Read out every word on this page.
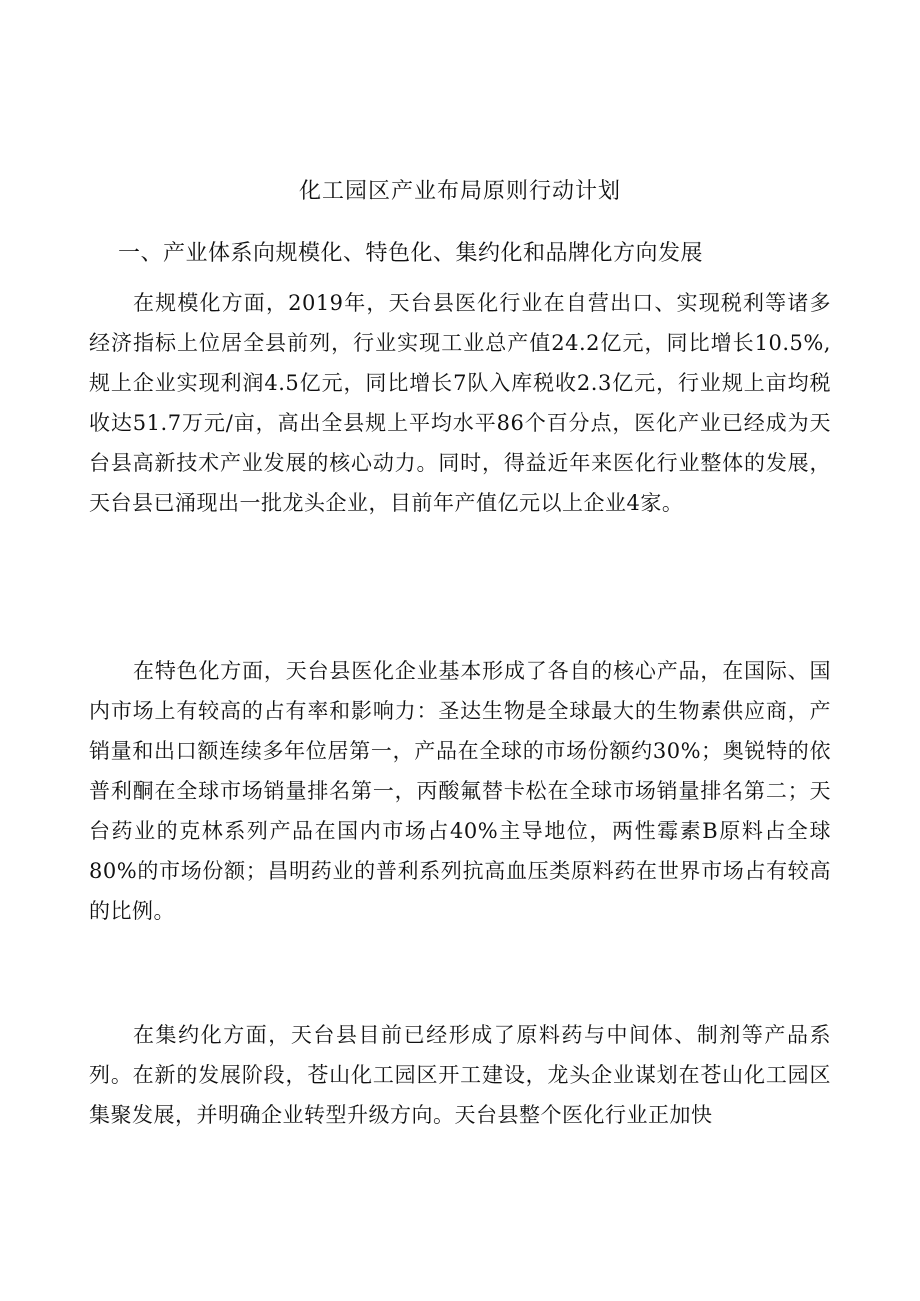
化工园区产业布局原则行动计划
一、产业体系向规模化、特色化、集约化和品牌化方向发展

在规模化方面，2019年，天台县医化行业在自营出口、实现税利等诸多经济指标上位居全县前列，行业实现工业总产值24.2亿元，同比增长10.5%,规上企业实现利润4.5亿元，同比增长7队入库税收2.3亿元，行业规上亩均税收达51.7万元/亩，高出全县规上平均水平86个百分点，医化产业已经成为天台县高新技术产业发展的核心动力。同时，得益近年来医化行业整体的发展，天台县已涌现出一批龙头企业，目前年产值亿元以上企业4家。

在特色化方面，天台县医化企业基本形成了各自的核心产品，在国际、国内市场上有较高的占有率和影响力：圣达生物是全球最大的生物素供应商，产销量和出口额连续多年位居第一，产品在全球的市场份额约30%；奥锐特的依普利酮在全球市场销量排名第一，丙酸氟替卡松在全球市场销量排名第二；天台药业的克林系列产品在国内市场占40%主导地位，两性霉素B原料占全球80%的市场份额；昌明药业的普利系列抗高血压类原料药在世界市场占有较高的比例。

在集约化方面，天台县目前已经形成了原料药与中间体、制剂等产品系列。在新的发展阶段，苍山化工园区开工建设，龙头企业谋划在苍山化工园区集聚发展，并明确企业转型升级方向。天台县整个医化行业正加快
